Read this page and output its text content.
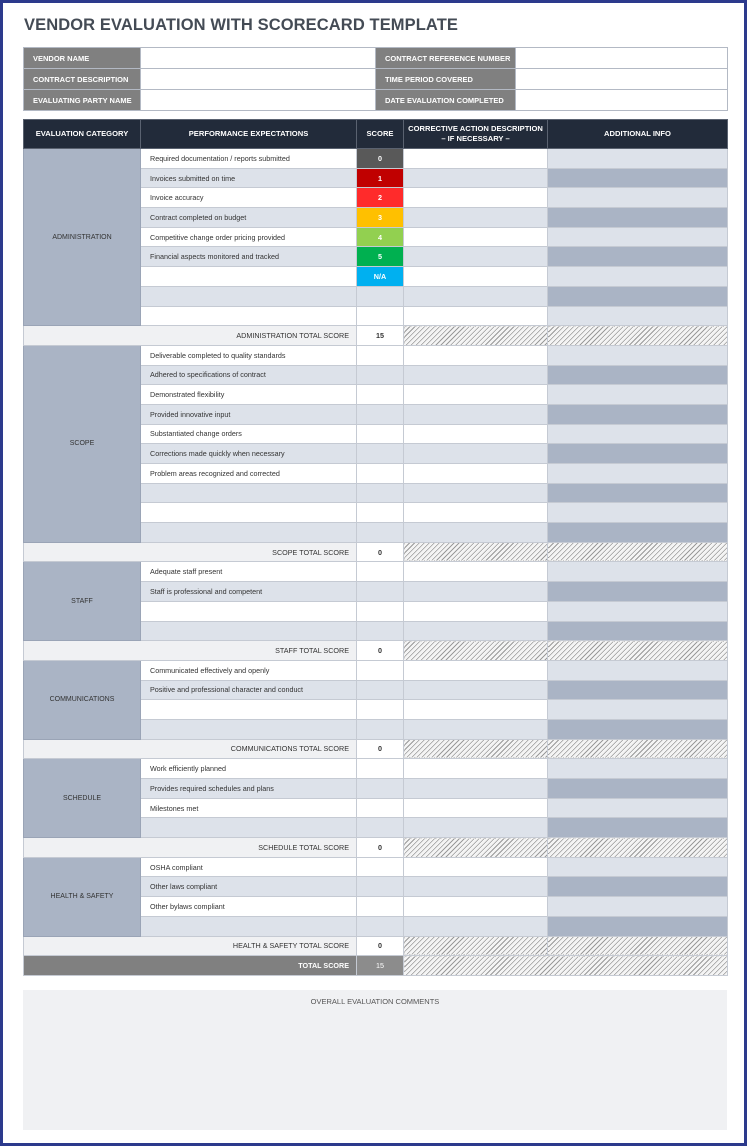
VENDOR EVALUATION WITH SCORECARD TEMPLATE
VENDOR NAME		CONTRACT REFERENCE NUMBER	
CONTRACT DESCRIPTION		TIME PERIOD COVERED	
EVALUATING PARTY NAME		DATE EVALUATION COMPLETED	
EVALUATION CATEGORY	PERFORMANCE EXPECTATIONS	SCORE	CORRECTIVE ACTION DESCRIPTION
– IF NECESSARY –	ADDITIONAL INFO
ADMINISTRATION	Required documentation / reports submitted	0		
	Invoices submitted on time	1		
	Invoice accuracy	2		
	Contract completed on budget	3		
	Competitive change order pricing provided	4		
	Financial aspects monitored and tracked	5		
		N/A		

ADMINISTRATION TOTAL SCORE		15		
SCOPE	Deliverable completed to quality standards			
	Adhered to specifications of contract			
	Demonstrated flexibility			
	Provided innovative input			
	Substantiated change orders			
	Corrections made quickly when necessary			
	Problem areas recognized and corrected			

SCOPE TOTAL SCORE		0		
STAFF	Adequate staff present			
	Staff is professional and competent			

STAFF TOTAL SCORE		0		
COMMUNICATIONS	Communicated effectively and openly			
	Positive and professional character and conduct			

COMMUNICATIONS TOTAL SCORE		0		
SCHEDULE	Work efficiently planned			
	Provides required schedules and plans			
	Milestones met			

SCHEDULE TOTAL SCORE		0		
HEALTH & SAFETY	OSHA compliant			
	Other laws compliant			
	Other bylaws compliant			

HEALTH & SAFETY TOTAL SCORE		0		
TOTAL SCORE		15		
OVERALL EVALUATION COMMENTS
